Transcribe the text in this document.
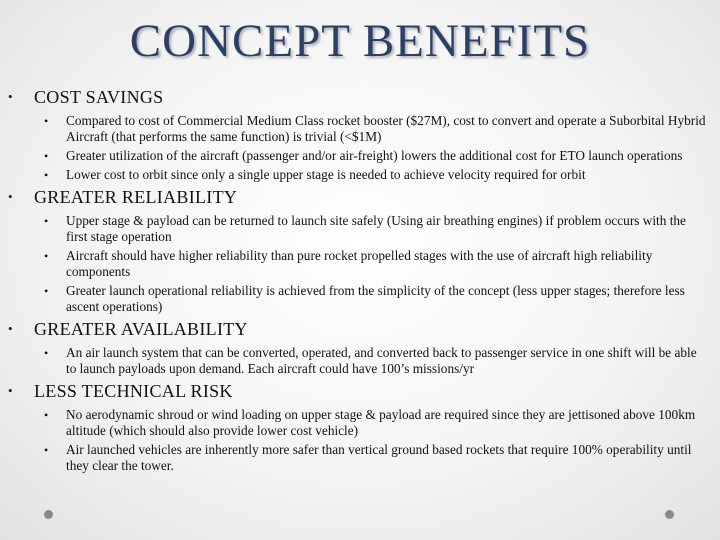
CONCEPT BENEFITS
• COST SAVINGS
• Compared to cost of Commercial Medium Class rocket booster ($27M), cost to convert and operate a Suborbital Hybrid Aircraft (that performs the same function) is trivial (<$1M)
• Greater utilization of the aircraft (passenger and/or air-freight) lowers the additional cost for ETO launch operations
• Lower cost to orbit since only a single upper stage is needed to achieve velocity required for orbit
• GREATER RELIABILITY
• Upper stage & payload can be returned to launch site safely (Using air breathing engines) if problem occurs with the first stage operation
• Aircraft should have higher reliability than pure rocket propelled stages with the use of aircraft high reliability components
• Greater launch operational reliability is achieved from the simplicity of the concept (less upper stages; therefore less ascent operations)
• GREATER AVAILABILITY
• An air launch system that can be converted, operated, and converted back to passenger service in one shift will be able to launch payloads upon demand. Each aircraft could have 100’s missions/yr
• LESS TECHNICAL RISK
• No aerodynamic shroud or wind loading on upper stage & payload are required since they are jettisoned above 100km altitude (which should also provide lower cost vehicle)
• Air launched vehicles are inherently more safer than vertical ground based rockets that require 100% operability until they clear the tower.
